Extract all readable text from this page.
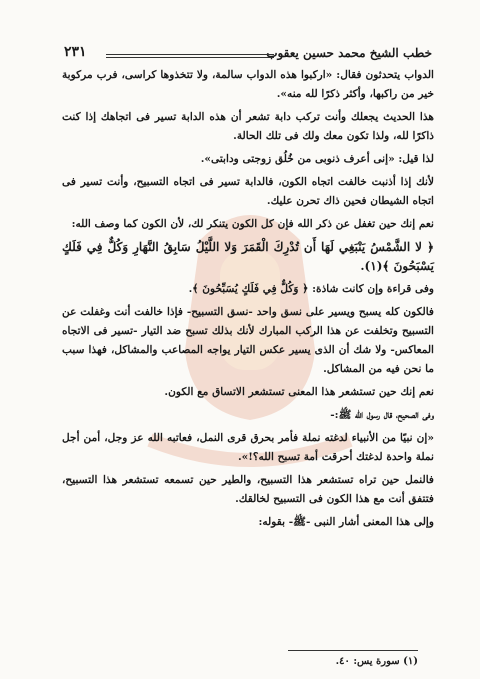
خطب الشيخ محمد حسين يعقوب
٢٣١

الدواب يتحدثون فقال: «اركبوا هذه الدواب سالمة، ولا تتخذوها كراسى، فرب مركوبة خير من راكبها، وأكثر ذكرًا لله منه».

هذا الحديث يجعلك وأنت تركب دابة تشعر أن هذه الدابة تسير فى اتجاهك إذا كنت ذاكرًا لله، ولذا تكون معك ولك فى تلك الحالة.

لذا قيل: «إنى أعرف ذنوبى من خُلُق زوجتى ودابتى».

لأنك إذا أذنبت خالفت اتجاه الكون، فالدابة تسير فى اتجاه التسبيح، وأنت تسير فى اتجاه الشيطان فحين ذاك تحرن عليك.

نعم إنك حين تغفل عن ذكر الله فإن كل الكون يتنكر لك، لأن الكون كما وصف الله:

﴿ لا الشَّمْسُ يَنْبَغِي لَهَا أَن تُدْرِكَ الْقَمَرَ وَلا اللَّيْلُ سَابِقُ النَّهَارِ وَكُلٌّ فِي فَلَكٍ يَسْبَحُونَ ﴾(١).

وفى قراءة وإن كانت شاذة: ﴿ وَكُلٌّ فِي فَلَكٍ يُسَبِّحُونَ ﴾.

فالكون كله يسبح ويسير على نسق واحد -نسق التسبيح- فإذا خالفت أنت وغفلت عن التسبيح وتخلفت عن هذا الركب المبارك لأنك بذلك تسبح ضد التيار -تسير فى الاتجاه المعاكس- ولا شك أن الذى يسير عكس التيار يواجه المصاعب والمشاكل، فهذا سبب ما نحن فيه من المشاكل.

نعم إنك حين تستشعر هذا المعنى تستشعر الاتساق مع الكون.

وفى الصحيح، قال رسول الله ﷺ:-

«إن نبيًا من الأنبياء لدغته نملة فأمر بحرق قرى النمل، فعاتبه الله عز وجل، أمن أجل نملة واحدة لدغتك أحرقت أمة تسبح الله؟!».

فالنمل حين تراه تستشعر هذا التسبيح، والطير حين تسمعه تستشعر هذا التسبيح، فتتفق أنت مع هذا الكون فى التسبيح لخالقك.

وإلى هذا المعنى أشار النبى -ﷺ- بقوله:

(١) سورة يس: ٤٠.
